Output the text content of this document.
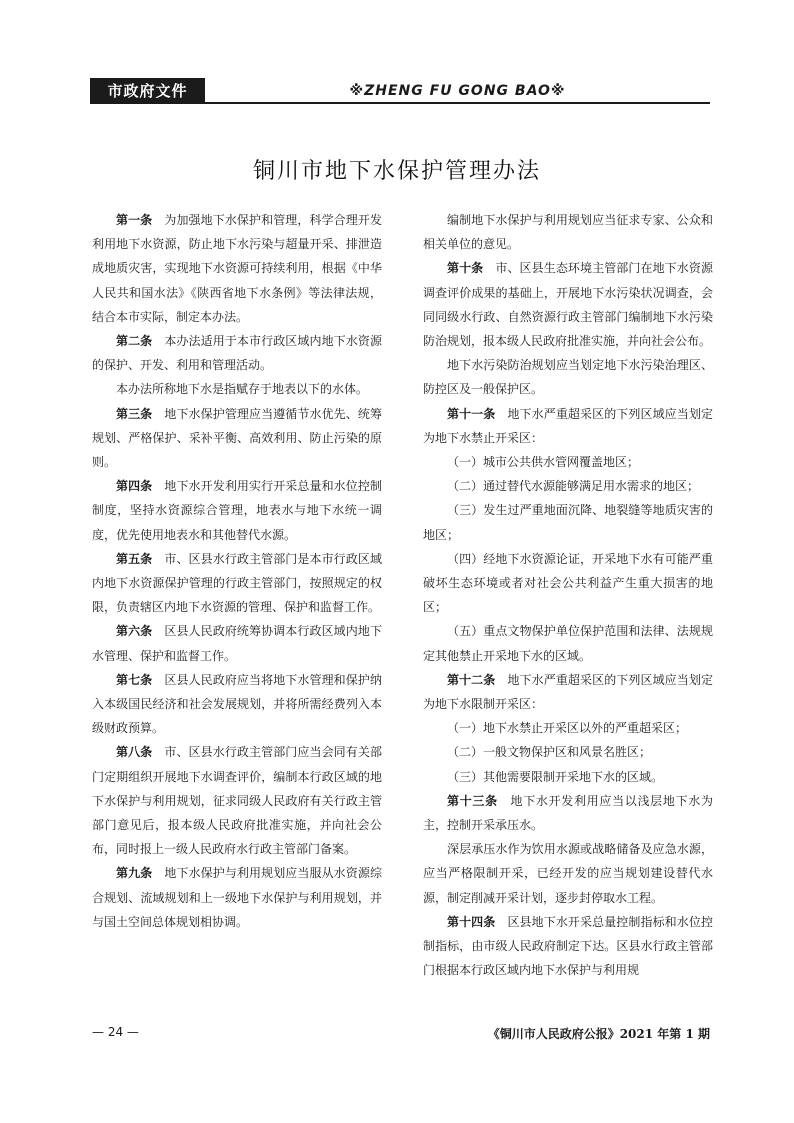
市政府文件	※ZHENG FU GONG BAO※
铜川市地下水保护管理办法

第一条　 为加强地下水保护和管理，科学合理开发利用地下水资源，防止地下水污染与超量开采、排泄造成地质灾害，实现地下水资源可持续利用，根据《中华人民共和国水法》《陕西省地下水条例》等法律法规，结合本市实际，制定本办法。

第二条　 本办法适用于本市行政区域内地下水资源的保护、开发、利用和管理活动。

本办法所称地下水是指赋存于地表以下的水体。

第三条　 地下水保护管理应当遵循节水优先、统筹规划、严格保护、采补平衡、高效利用、防止污染的原则。

第四条　 地下水开发利用实行开采总量和水位控制制度，坚持水资源综合管理，地表水与地下水统一调度，优先使用地表水和其他替代水源。

第五条　 市、区县水行政主管部门是本市行政区域内地下水资源保护管理的行政主管部门，按照规定的权限，负责辖区内地下水资源的管理、保护和监督工作。

第六条　 区县人民政府统筹协调本行政区域内地下水管理、保护和监督工作。

第七条　 区县人民政府应当将地下水管理和保护纳入本级国民经济和社会发展规划，并将所需经费列入本级财政预算。

第八条　 市、区县水行政主管部门应当会同有关部门定期组织开展地下水调查评价，编制本行政区域的地下水保护与利用规划，征求同级人民政府有关行政主管部门意见后，报本级人民政府批准实施，并向社会公布，同时报上一级人民政府水行政主管部门备案。

第九条　 地下水保护与利用规划应当服从水资源综合规划、流域规划和上一级地下水保护与利用规划，并与国土空间总体规划相协调。

编制地下水保护与利用规划应当征求专家、公众和相关单位的意见。

第十条　 市、区县生态环境主管部门在地下水资源调查评价成果的基础上，开展地下水污染状况调查，会同同级水行政、自然资源行政主管部门编制地下水污染防治规划，报本级人民政府批准实施，并向社会公布。

地下水污染防治规划应当划定地下水污染治理区、防控区及一般保护区。

第十一条　 地下水严重超采区的下列区域应当划定为地下水禁止开采区：

（一）城市公共供水管网覆盖地区；

（二）通过替代水源能够满足用水需求的地区；

（三）发生过严重地面沉降、地裂缝等地质灾害的地区；

（四）经地下水资源论证，开采地下水有可能严重破坏生态环境或者对社会公共利益产生重大损害的地区；

（五）重点文物保护单位保护范围和法律、法规规定其他禁止开采地下水的区域。

第十二条　 地下水严重超采区的下列区域应当划定为地下水限制开采区：

（一）地下水禁止开采区以外的严重超采区；

（二）一般文物保护区和风景名胜区；

（三）其他需要限制开采地下水的区域。

第十三条　 地下水开发利用应当以浅层地下水为主，控制开采承压水。

深层承压水作为饮用水源或战略储备及应急水源，应当严格限制开采，已经开发的应当规划建设替代水源，制定削减开采计划，逐步封停取水工程。

第十四条　 区县地下水开采总量控制指标和水位控制指标，由市级人民政府制定下达。区县水行政主管部门根据本行政区域内地下水保护与利用规

— 24 —	《铜川市人民政府公报》2021 年第 1 期
